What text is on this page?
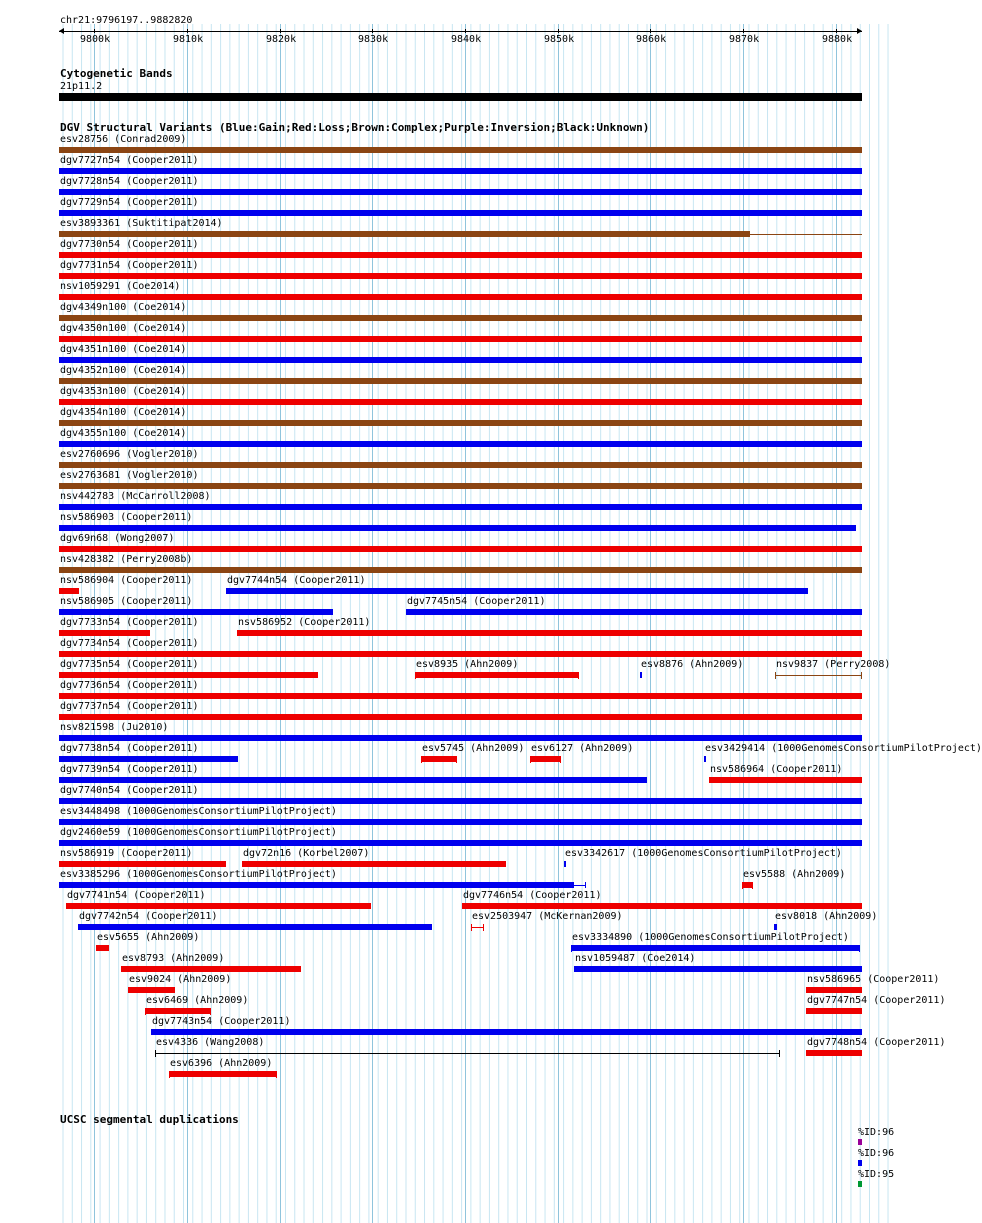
chr21:9796197..9882820
9800k	9810k	9820k	9830k	9840k	9850k	9860k	9870k	9880k
Cytogenetic Bands
21p11.2
DGV Structural Variants (Blue:Gain;Red:Loss;Brown:Complex;Purple:Inversion;Black:Unknown)
esv28756 (Conrad2009)
dgv7727n54 (Cooper2011)
dgv7728n54 (Cooper2011)
dgv7729n54 (Cooper2011)
esv3893361 (Suktitipat2014)
dgv7730n54 (Cooper2011)
dgv7731n54 (Cooper2011)
nsv1059291 (Coe2014)
dgv4349n100 (Coe2014)
dgv4350n100 (Coe2014)
dgv4351n100 (Coe2014)
dgv4352n100 (Coe2014)
dgv4353n100 (Coe2014)
dgv4354n100 (Coe2014)
dgv4355n100 (Coe2014)
esv2760696 (Vogler2010)
esv2763681 (Vogler2010)
nsv442783 (McCarroll2008)
nsv586903 (Cooper2011)
dgv69n68 (Wong2007)
nsv428382 (Perry2008b)
nsv586904 (Cooper2011)	dgv7744n54 (Cooper2011)
nsv586905 (Cooper2011)	dgv7745n54 (Cooper2011)
dgv7733n54 (Cooper2011)	nsv586952 (Cooper2011)
dgv7734n54 (Cooper2011)
dgv7735n54 (Cooper2011)	esv8935 (Ahn2009)	esv8876 (Ahn2009)	nsv9837 (Perry2008)
dgv7736n54 (Cooper2011)
dgv7737n54 (Cooper2011)
nsv821598 (Ju2010)
dgv7738n54 (Cooper2011)	esv5745 (Ahn2009) esv6127 (Ahn2009)	esv3429414 (1000GenomesConsortiumPilotProject)
dgv7739n54 (Cooper2011)	nsv586964 (Cooper2011)
dgv7740n54 (Cooper2011)
esv3448498 (1000GenomesConsortiumPilotProject)
dgv2460e59 (1000GenomesConsortiumPilotProject)
nsv586919 (Cooper2011)	dgv72n16 (Korbel2007)	esv3342617 (1000GenomesConsortiumPilotProject)
esv3385296 (1000GenomesConsortiumPilotProject)	esv5588 (Ahn2009)
dgv7741n54 (Cooper2011)	dgv7746n54 (Cooper2011)
dgv7742n54 (Cooper2011)	esv2503947 (McKernan2009)	esv8018 (Ahn2009)
esv5655 (Ahn2009)	esv3334890 (1000GenomesConsortiumPilotProject)
esv8793 (Ahn2009)	nsv1059487 (Coe2014)
esv9024 (Ahn2009)	nsv586965 (Cooper2011)
esv6469 (Ahn2009)	dgv7747n54 (Cooper2011)
dgv7743n54 (Cooper2011)
esv4336 (Wang2008)	dgv7748n54 (Cooper2011)
esv6396 (Ahn2009)
UCSC segmental duplications
%ID:96
%ID:96
%ID:95
